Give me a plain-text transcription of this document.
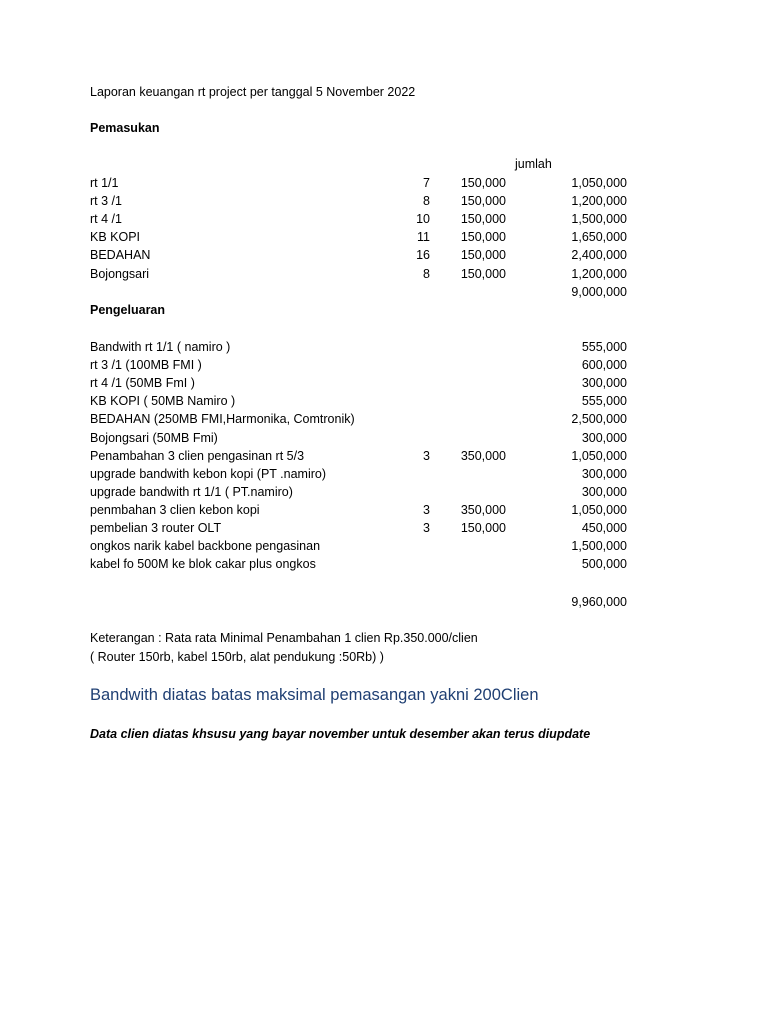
Laporan keuangan rt project per tanggal 5 November 2022
Pemasukan
jumlah
rt 1/1	7 150,000	1,050,000
rt 3 /1	8 150,000	1,200,000
rt 4 /1	10 150,000	1,500,000
KB KOPI	11 150,000	1,650,000
BEDAHAN	16 150,000	2,400,000
Bojongsari	8 150,000	1,200,000
9,000,000
Pengeluaran
Bandwith rt 1/1 ( namiro )	555,000
rt 3 /1 (100MB FMI )	600,000
rt 4 /1 (50MB FmI )	300,000
KB KOPI ( 50MB Namiro )	555,000
BEDAHAN (250MB FMI,Harmonika, Comtronik)	2,500,000
Bojongsari (50MB Fmi)	300,000
Penambahan 3 clien pengasinan rt 5/3	3 350,000	1,050,000
upgrade bandwith kebon kopi (PT .namiro)	300,000
upgrade bandwith rt 1/1 ( PT.namiro)	300,000
penmbahan 3 clien kebon kopi	3 350,000	1,050,000
pembelian 3 router OLT	3 150,000	450,000
ongkos narik kabel backbone pengasinan	1,500,000
kabel fo 500M ke blok cakar plus ongkos	500,000
9,960,000
Keterangan : Rata rata Minimal Penambahan 1 clien Rp.350.000/clien
( Router 150rb, kabel 150rb, alat pendukung :50Rb) )
Bandwith diatas batas maksimal pemasangan yakni 200Clien
Data clien diatas khsusu yang bayar november untuk desember akan terus diupdate
